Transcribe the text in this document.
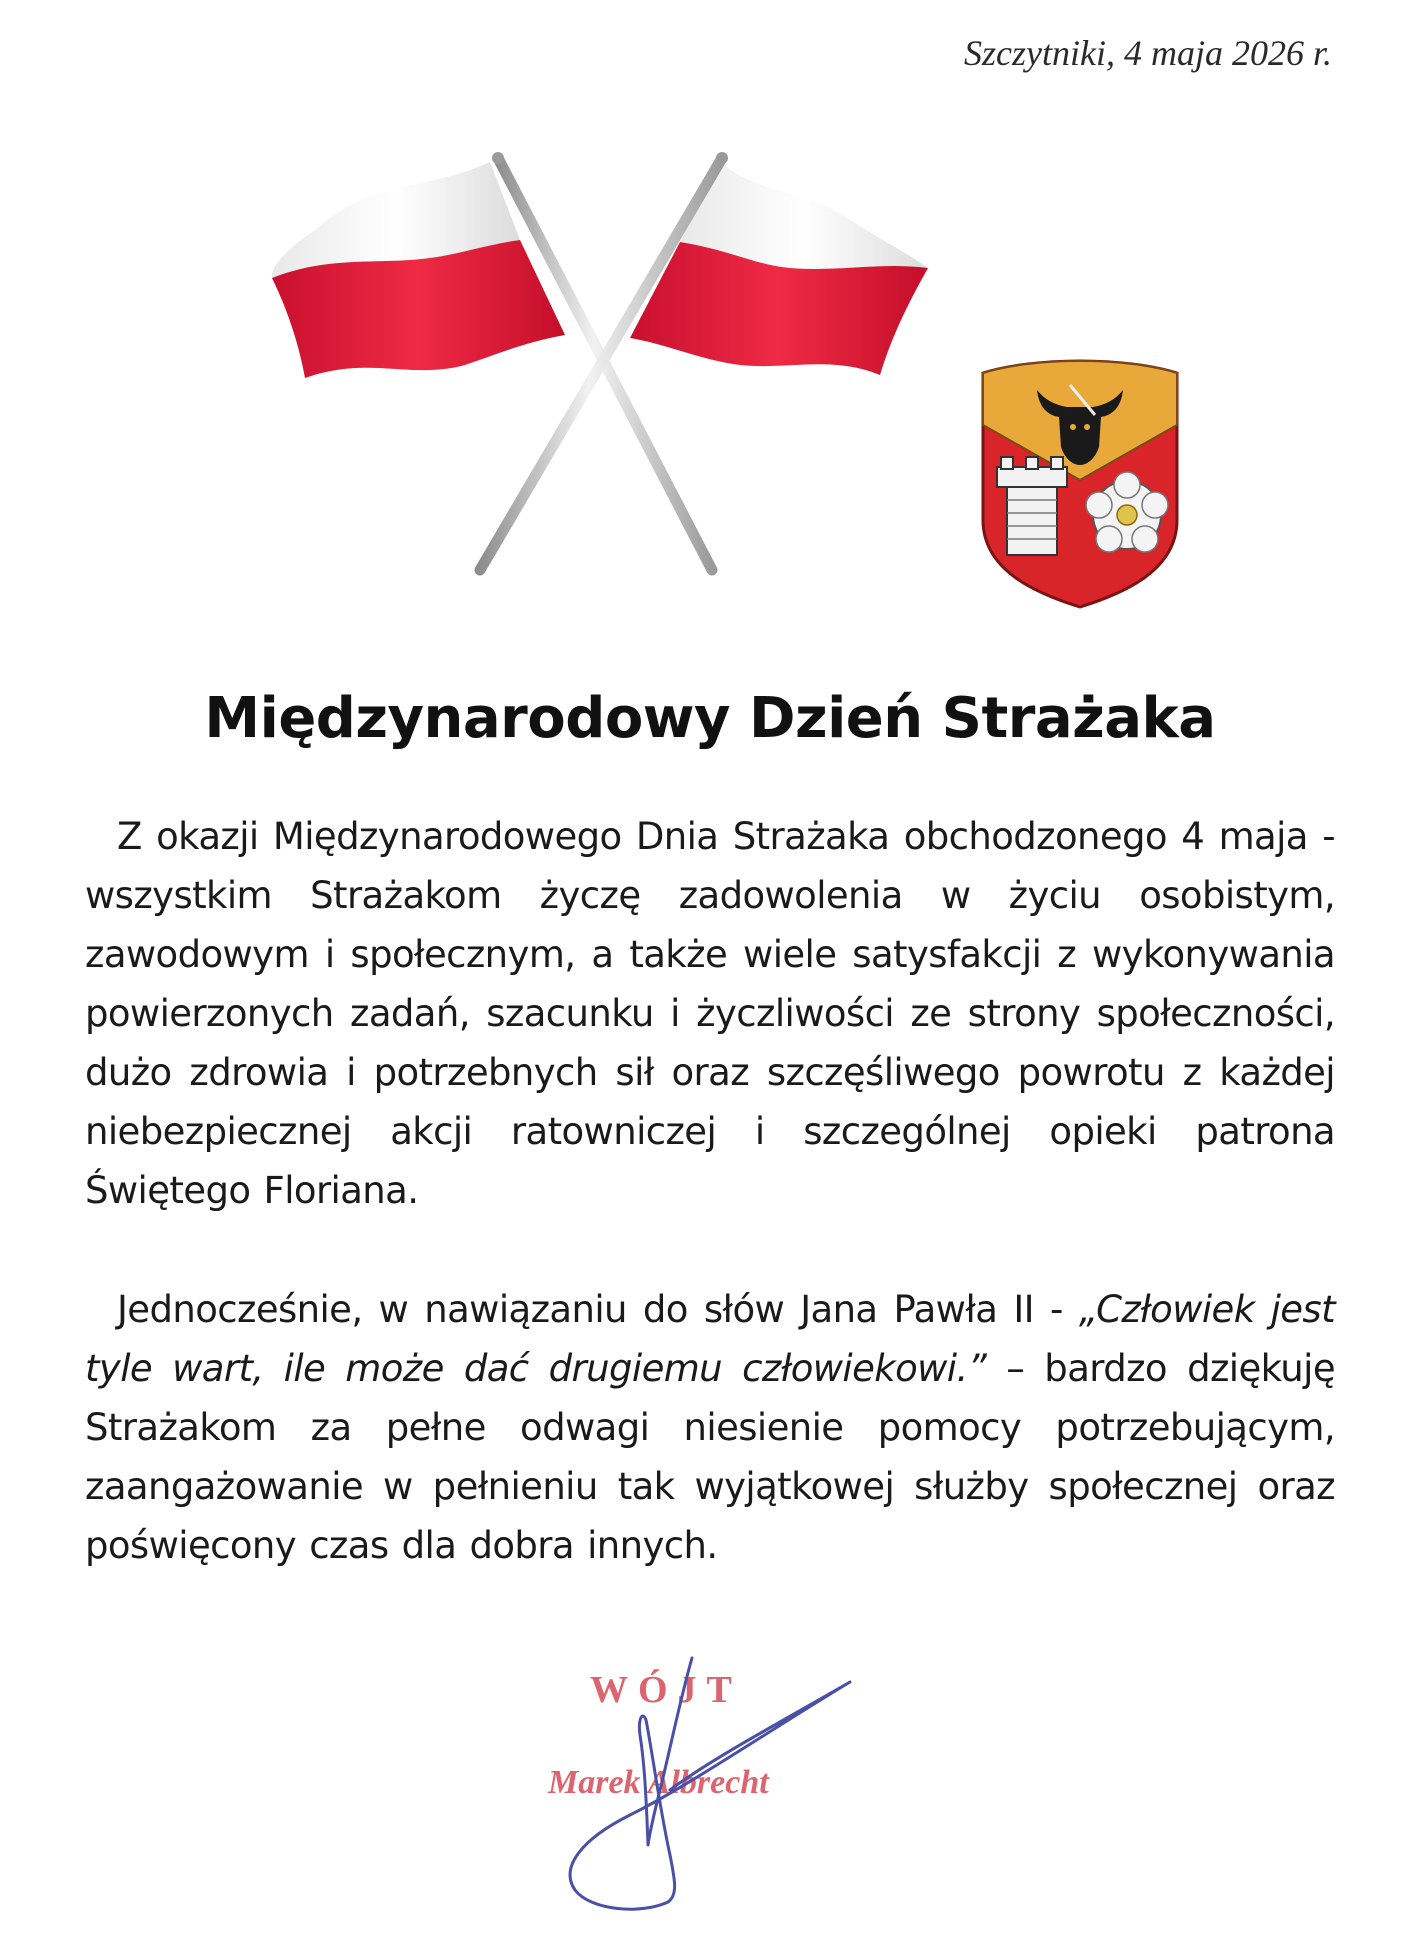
Szczytniki, 4 maja 2026 r.
Międzynarodowy Dzień Strażaka

Z okazji Międzynarodowego Dnia Strażaka obchodzonego 4 maja - wszystkim Strażakom życzę zadowolenia w życiu osobistym, zawodowym i społecznym, a także wiele satysfakcji z wykonywania powierzonych zadań, szacunku i życzliwości ze strony społeczności, dużo zdrowia i potrzebnych sił oraz szczęśliwego powrotu z każdej niebezpiecznej akcji ratowniczej i szczególnej opieki patrona Świętego Floriana.

Jednocześnie, w nawiązaniu do słów Jana Pawła II - „Człowiek jest tyle wart, ile może dać drugiemu człowiekowi.” – bardzo dziękuję Strażakom za pełne odwagi niesienie pomocy potrzebującym, zaangażowanie w pełnieniu tak wyjątkowej służby społecznej oraz poświęcony czas dla dobra innych.

WÓJT
Marek Albrecht
